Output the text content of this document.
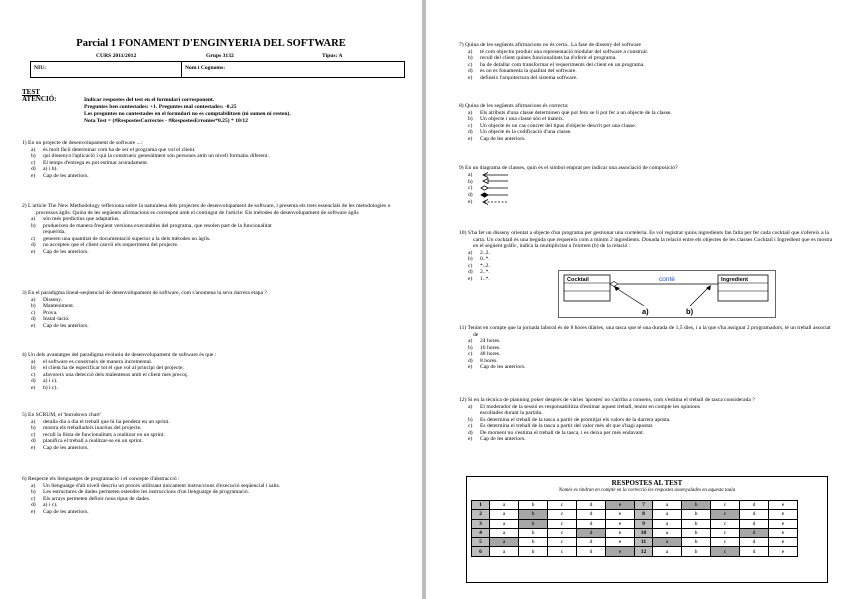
Parcial 1 FONAMENT D'ENGINYERIA DEL SOFTWARE
CURS 2011/2012	Grups 3132	Tipus: A
NIU:	Nom i Cognoms:
TEST
ATENCIÓ:	Indicar respostes del test en el formulari corresponent.
Preguntes ben contestades: +1. Preguntes mal contestades: -0.25
Les preguntes no contestades en el formulari no es comptabilitzen (ni sumen ni resten).
Nota Test = (#RespostesCorrectes - #RespostesErronies*0.25) * 10/12
1) En un projecte de desenvolupament de software ...:
a) és molt fàcil determinar com ha de ser el programa que vol el client.
b) qui dissenya l'aplicació i qui la construeix generalment són persones amb un nivell formatiu diferent.
c) El temps d'entrega es pot estimar acuradament.
d) a) i b).
e) Cap de les anteriors.
2) L'article The New Methodology reflexiona sobre la naturalesa dels projectes de desenvolupament de software, i presenta els trets essencials de les metodologies o processos àgils. Quina de les següents afirmacions es correspon amb el contingut de l'article: Els mètodes de desenvolupament de software àgils
a) són més predictius que adaptatius.
b) produeixen de manera freqüent versions executables del programa, que resolen part de la funcionalitat
requerida.
c) generen una quantitat de documentació superior a la dels mètodes no àgils.
d) no accepten que el client canviï els requeriment del projecte.
e) Cap de les anteriors.
3) En el paradigma lineal-seqüencial de desenvolupament de software, com s'anomena la seva darrera etapa ?
a) Disseny.
b) Manteniment.
c) Prova.
d) Instal·lació.
e) Cap de les anteriors.
4) Un dels avantatges del paradigma evolutiu de desenvolupament de software és que :
a) el software es construeix de manera incremental.
b) el client ha de especificar tot el que vol al principi del projecte.
c) afavoreix una detecció dels malentesos amb el client més precoç.
d) a) i c).
e) b) i c).
5) En SCRUM, el 'burndown chart'
a) detalla dia a dia el treball que hi ha pendent en un sprint.
b) mostra els treballadors inactius del projecte.
c) recull la llista de funcionalitats a realitzar en un sprint.
d) planifica el treball a realitzar-se en un sprint.
e) Cap de les anteriors.
6) Respecte els llenguatges de programació i el concepte d'abstracció :
a) Un llenguatge d'alt nivell descriu un procés utilitzant únicament instruccions d'execució seqüencial i salts.
b) Les estructures de dades permeten estendre les instruccions d'un llenguatge de programació.
c) Els arrays permeten definir nous tipus de dades.
d) a) i c).
e) Cap de les anteriors.
7) Quina de les següents afirmacions no és certa.. La fase de disseny del software
a) té com objectiu produir una representació modular del software a construir.
b) recull del client quines funcionalitats ha d'oferir el programa.
c) ha de detallar com transformar el requeriments del client en un programa.
d) és on es fonamenta la qualitat del software.
e) defineix l'arquitectura del sistema software.
8) Quina de les següents afirmacions és correcta:
a) Els atributs d'una classe determinen què pot fero se li pot fer a un objecte de la classe.
b) Un objecte i una classe són el mateix.
c) Un objecte és un cas concret del tipus d'objecte descrit per una classe.
d) Un objecte és la codificació d'una classe.
e) Cap de les anteriors.
9) En un diagrama de classes, quin és el símbol emprat per indicar una associació de composició?
a)
b)
c)
d)
e)
10) S'ha fet un disseny orientat a objecte d'un programa per gestionar una cocteleria. Es vol registrar quins ingredients fan falta per fer cada cocktail que s'ofereix a la carta. Un cocktail és una beguda que requereix com a mínim 2 ingredients. Donada la relació entre els objectes de les classes Cocktail i Ingredient que es mostra en el següent gràfic, indica la multiplicitat a l'extrem (b) de la relació :
a) 2..2.
b) 0..*.
c) *..2.
d) 2..*.
e) 1..*.
11) Tenint en compte que la jornada laboral és de 8 hores diàries, una tasca que té una durada de 1,5 dies, i a la que s'ha assignat 2 programadors, té un treball associat de
a) 24 hores.
b) 16 hores.
c) 48 hores.
d) 8 hores.
e) Cap de les anteriors.
12) Si en la tècnica de planning poker després de vàries 'apostes' no s'arriba a consens, com s'estima el treball de tasca considerada ?
a) El moderador de la sessió es responsabilitza d'estimar aquest treball, tenint en compte les opinions
escoltades durant la partida.
b) Es determina el treball de la tasca a partir de promitjar els valors de la darrera aposta.
c) Es determina el treball de la tasca a partir del valor més alt que s'hagi apostat.
d) De moment no s'estima el treball de la tasca, i es deixa per més endavant.
e) Cap de les anteriors.
Cocktail	Ingredient
conté
a)	b)
RESPOSTES AL TEST
Només es tindran en compte en la correcció les respostes assenyalades en aquesta taula
1	a	b	c	d	e	7	a	b	c	d	e
2	a	b	c	d	e	8	a	b	c	d	e
3	a	b	c	d	e	9	a	b	c	d	e
4	a	b	c	d	e	10	a	b	c	d	e
5	a	b	c	d	e	11	a	b	c	d	e
6	a	b	c	d	e	12	a	b	c	d	e
